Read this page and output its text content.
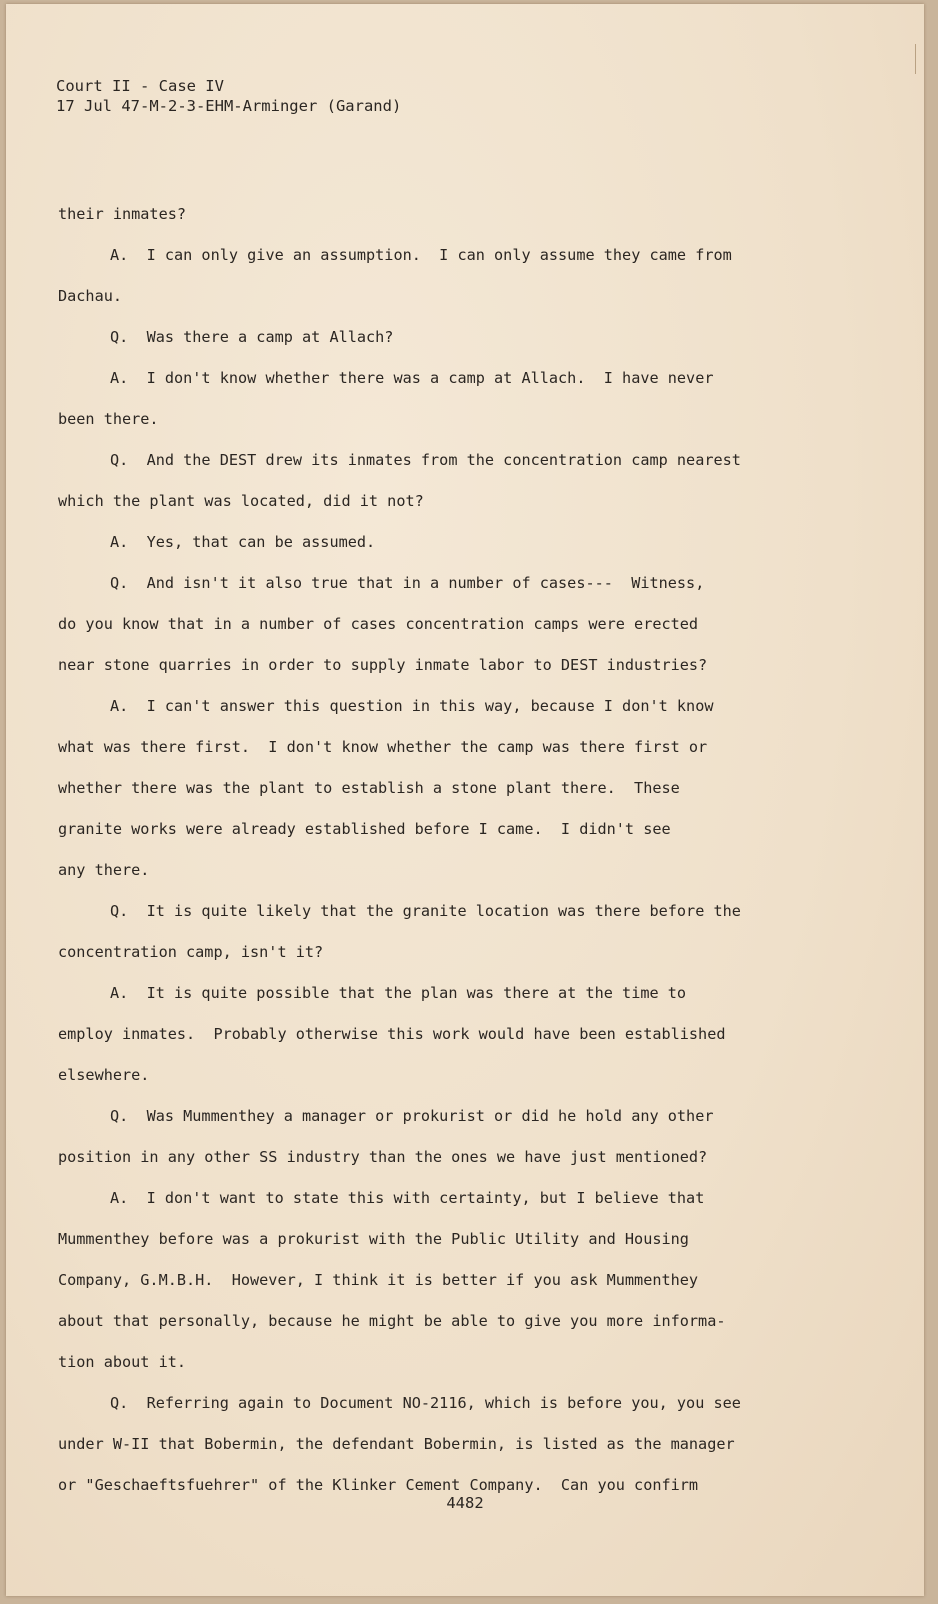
Court II - Case IV
17 Jul 47-M-2-3-EHM-Arminger (Garand)
their inmates?
A.  I can only give an assumption.  I can only assume they came from
Dachau.
Q.  Was there a camp at Allach?
A.  I don't know whether there was a camp at Allach.  I have never
been there.
Q.  And the DEST drew its inmates from the concentration camp nearest
which the plant was located, did it not?
A.  Yes, that can be assumed.
Q.  And isn't it also true that in a number of cases---  Witness,
do you know that in a number of cases concentration camps were erected
near stone quarries in order to supply inmate labor to DEST industries?
A.  I can't answer this question in this way, because I don't know
what was there first.  I don't know whether the camp was there first or
whether there was the plant to establish a stone plant there.  These
granite works were already established before I came.  I didn't see
any there.
Q.  It is quite likely that the granite location was there before the
concentration camp, isn't it?
A.  It is quite possible that the plan was there at the time to
employ inmates.  Probably otherwise this work would have been established
elsewhere.
Q.  Was Mummenthey a manager or prokurist or did he hold any other
position in any other SS industry than the ones we have just mentioned?
A.  I don't want to state this with certainty, but I believe that
Mummenthey before was a prokurist with the Public Utility and Housing
Company, G.M.B.H.  However, I think it is better if you ask Mummenthey
about that personally, because he might be able to give you more informa-
tion about it.
Q.  Referring again to Document NO-2116, which is before you, you see
under W-II that Bobermin, the defendant Bobermin, is listed as the manager
or "Geschaeftsfuehrer" of the Klinker Cement Company.  Can you confirm
4482
